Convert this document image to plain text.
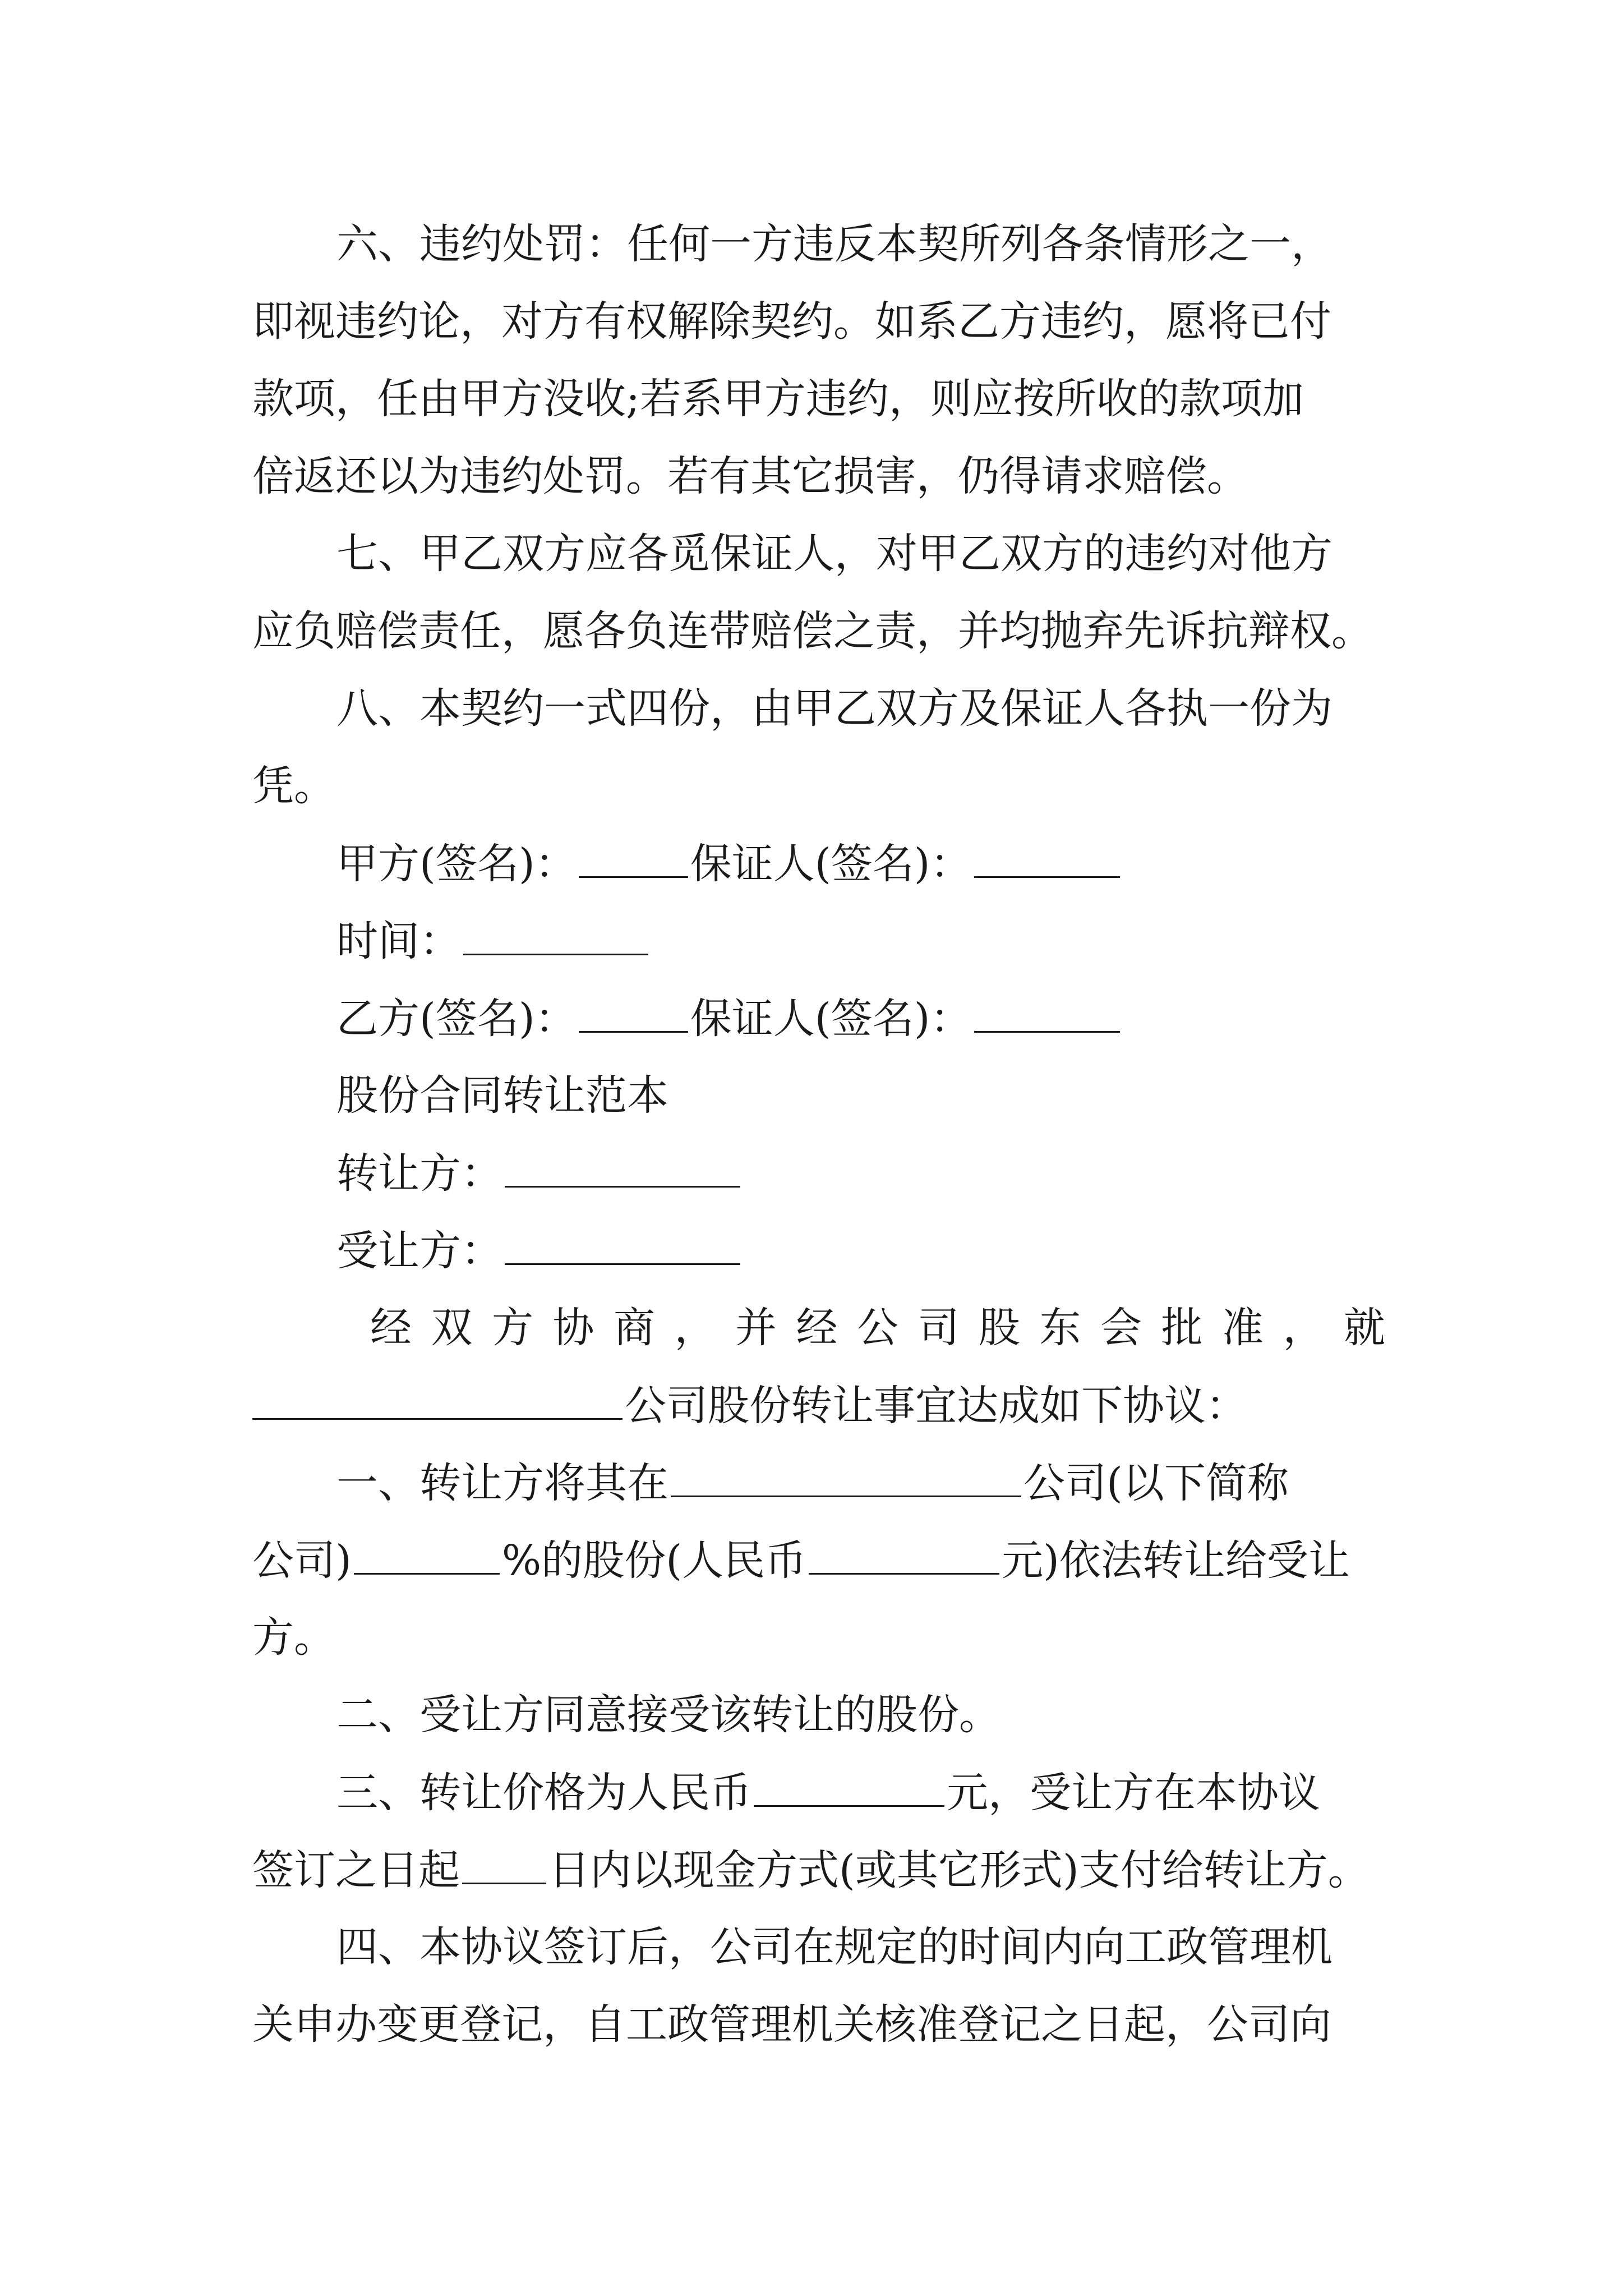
六、违约处罚：任何一方违反本契所列各条情形之一，
即视违约论，对方有权解除契约。如系乙方违约，愿将已付
款项，任由甲方没收;若系甲方违约，则应按所收的款项加
倍返还以为违约处罚。若有其它损害，仍得请求赔偿。
七、甲乙双方应各觅保证人，对甲乙双方的违约对他方
应负赔偿责任，愿各负连带赔偿之责，并均抛弃先诉抗辩权。
八、本契约一式四份，由甲乙双方及保证人各执一份为
凭。
甲方(签名)：	保证人(签名)：
时间：
乙方(签名)：	保证人(签名)：
股份合同转让范本
转让方：
受让方：
经 双 方 协 商 ， 并 经 公 司 股 东 会 批 准 ， 就
公司股份转让事宜达成如下协议：
一、转让方将其在	公司(以下简称
公司)	%的股份(人民币	元)依法转让给受让
方。
二、受让方同意接受该转让的股份。
三、转让价格为人民币	元，受让方在本协议
签订之日起 日内以现金方式(或其它形式)支付给转让方。
四、本协议签订后，公司在规定的时间内向工政管理机
关申办变更登记，自工政管理机关核准登记之日起，公司向
